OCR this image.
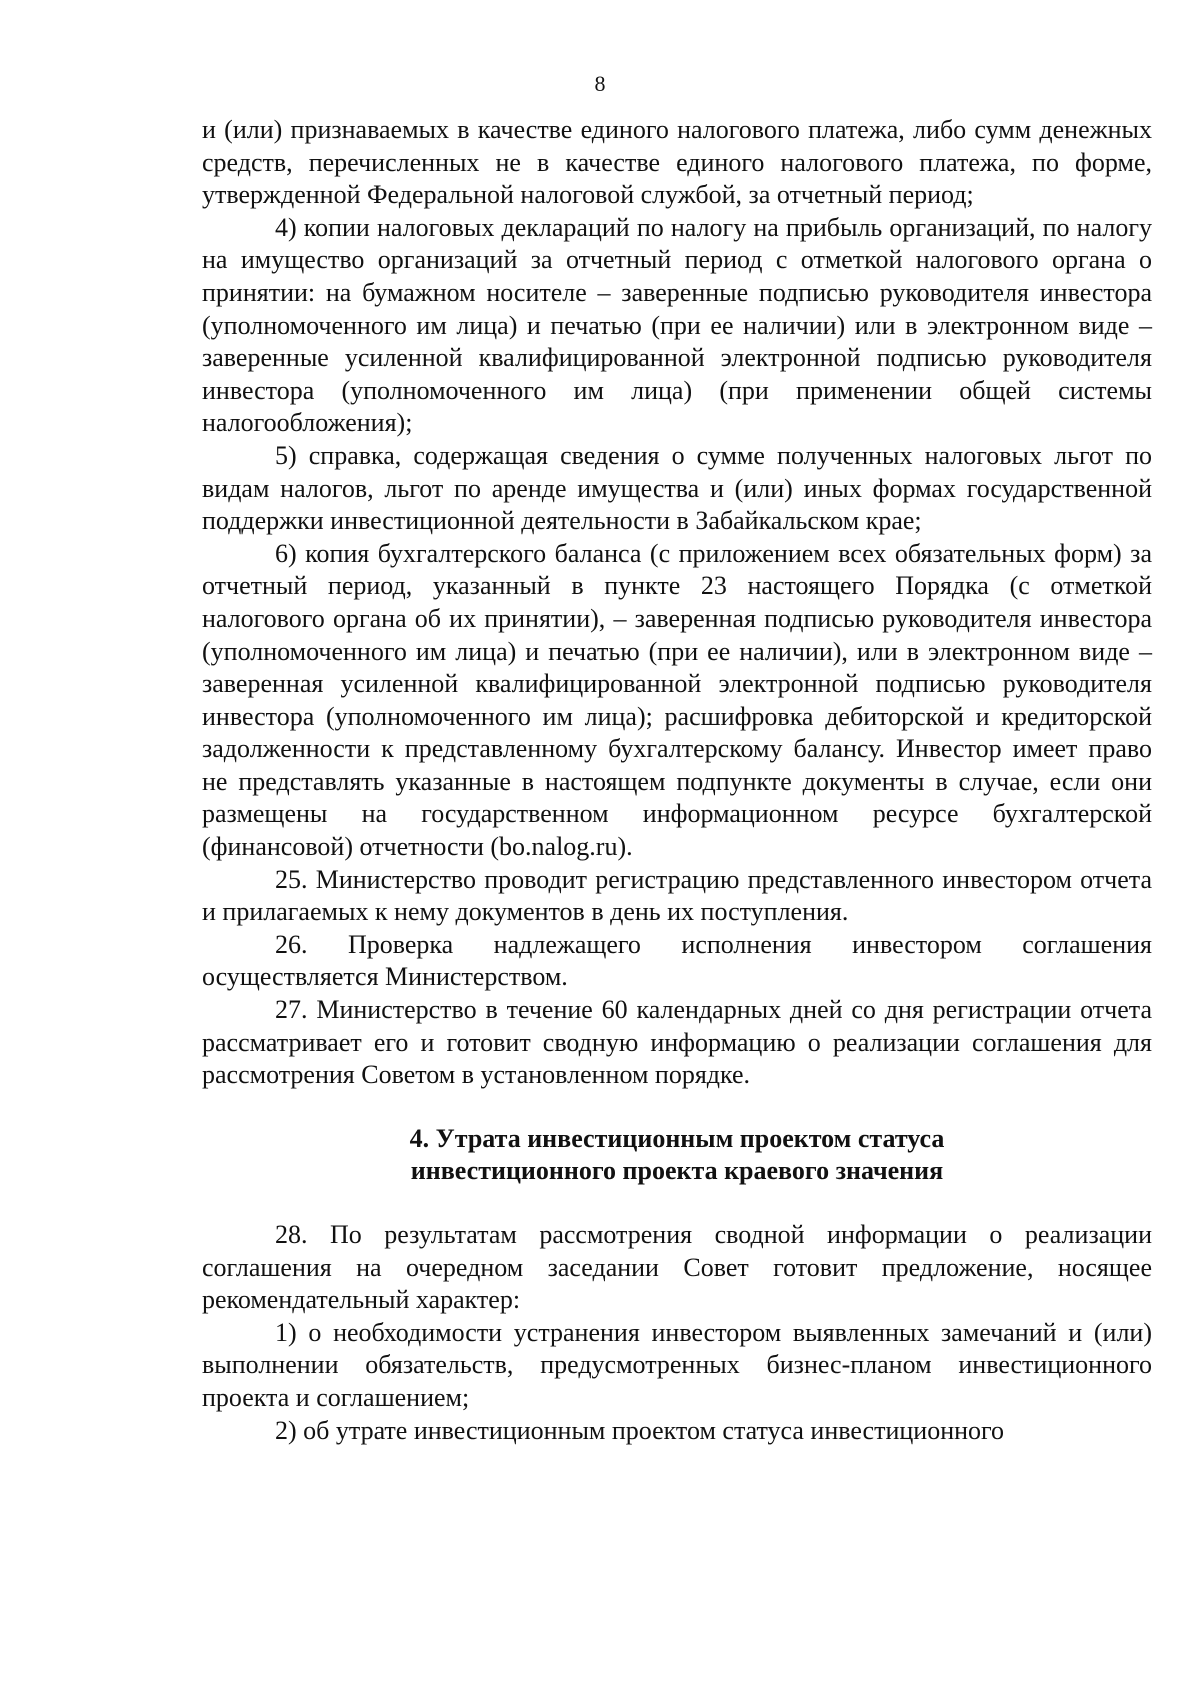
8

и (или) признаваемых в качестве единого налогового платежа, либо сумм денежных средств, перечисленных не в качестве единого налогового платежа, по форме, утвержденной Федеральной налоговой службой, за отчетный период;

4) копии налоговых деклараций по налогу на прибыль организаций, по налогу на имущество организаций за отчетный период с отметкой налогового органа о принятии: на бумажном носителе – заверенные подписью руководителя инвестора (уполномоченного им лица) и печатью (при ее наличии) или в электронном виде – заверенные усиленной квалифицированной электронной подписью руководителя инвестора (уполномоченного им лица) (при применении общей системы налогообложения);

5) справка, содержащая сведения о сумме полученных налоговых льгот по видам налогов, льгот по аренде имущества и (или) иных формах государственной поддержки инвестиционной деятельности в Забайкальском крае;

6) копия бухгалтерского баланса (с приложением всех обязательных форм) за отчетный период, указанный в пункте 23 настоящего Порядка (с отметкой налогового органа об их принятии), – заверенная подписью руководителя инвестора (уполномоченного им лица) и печатью (при ее наличии), или в электронном виде – заверенная усиленной квалифицированной электронной подписью руководителя инвестора (уполномоченного им лица); расшифровка дебиторской и кредиторской задолженности к представленному бухгалтерскому балансу. Инвестор имеет право не представлять указанные в настоящем подпункте документы в случае, если они размещены на государственном информационном ресурсе бухгалтерской (финансовой) отчетности (bo.nalog.ru).

25. Министерство проводит регистрацию представленного инвестором отчета и прилагаемых к нему документов в день их поступления.

26. Проверка надлежащего исполнения инвестором соглашения осуществляется Министерством.

27. Министерство в течение 60 календарных дней со дня регистрации отчета рассматривает его и готовит сводную информацию о реализации соглашения для рассмотрения Советом в установленном порядке.

4. Утрата инвестиционным проектом статуса
инвестиционного проекта краевого значения

28. По результатам рассмотрения сводной информации о реализации соглашения на очередном заседании Совет готовит предложение, носящее рекомендательный характер:

1) о необходимости устранения инвестором выявленных замечаний и (или) выполнении обязательств, предусмотренных бизнес-планом инвестиционного проекта и соглашением;

2) об утрате инвестиционным проектом статуса инвестиционного
